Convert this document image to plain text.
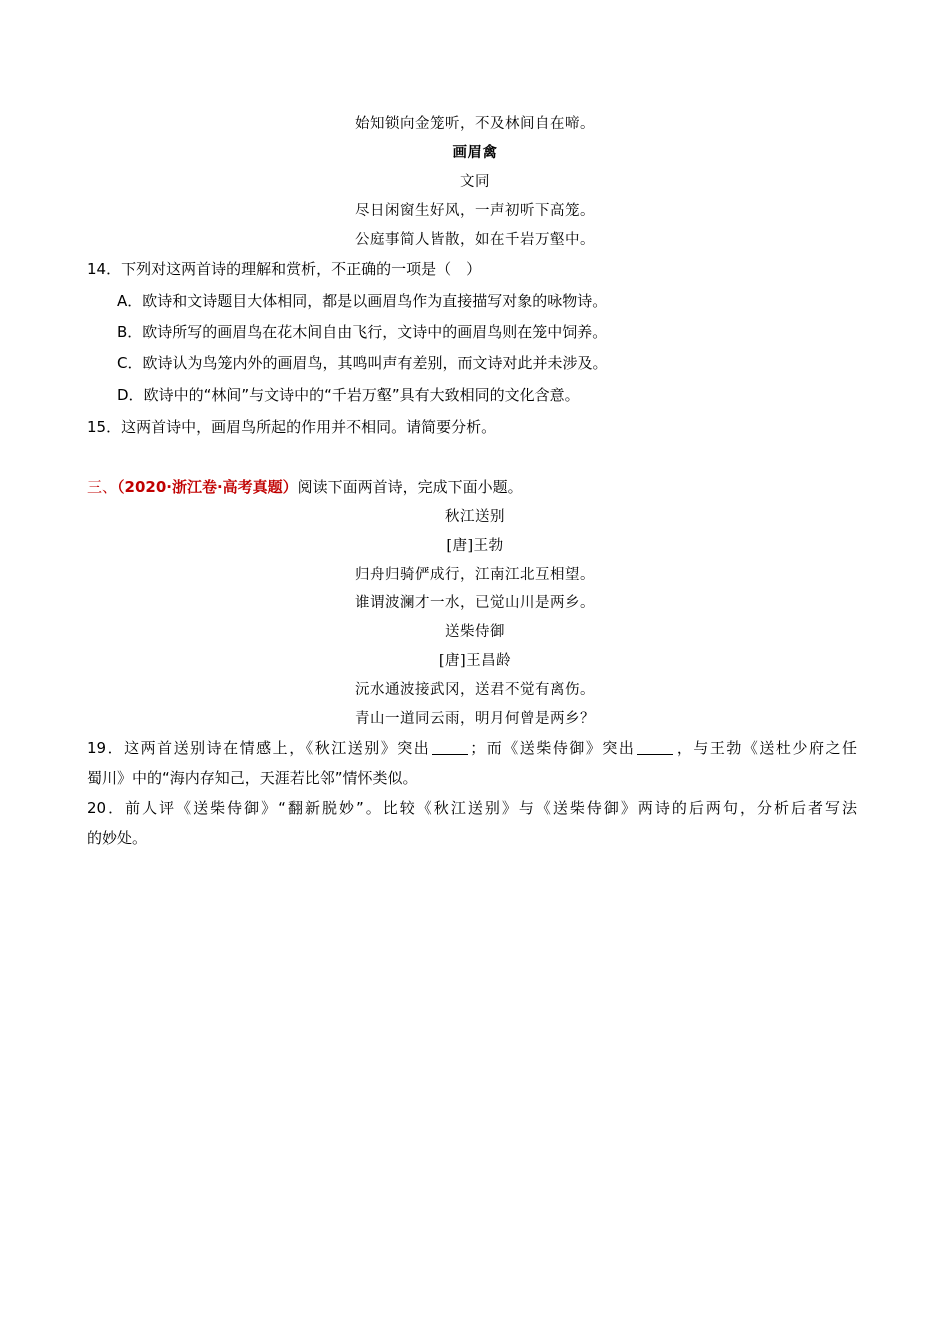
始知锁向金笼听，不及林间自在啼。
画眉禽
文同
尽日闲窗生好风，一声初听下高笼。
公庭事简人皆散，如在千岩万壑中。
14．下列对这两首诗的理解和赏析，不正确的一项是（　）
A．欧诗和文诗题目大体相同，都是以画眉鸟作为直接描写对象的咏物诗。
B．欧诗所写的画眉鸟在花木间自由飞行，文诗中的画眉鸟则在笼中饲养。
C．欧诗认为鸟笼内外的画眉鸟，其鸣叫声有差别，而文诗对此并未涉及。
D．欧诗中的“林间”与文诗中的“千岩万壑”具有大致相同的文化含意。
15．这两首诗中，画眉鸟所起的作用并不相同。请简要分析。
三、（2020·浙江卷·高考真题）阅读下面两首诗，完成下面小题。
秋江送别
[唐]王勃
归舟归骑俨成行，江南江北互相望。
谁谓波澜才一水，已觉山川是两乡。
送柴侍御
[唐]王昌龄
沅水通波接武冈，送君不觉有离伤。
青山一道同云雨，明月何曾是两乡？
19．这两首送别诗在情感上，《秋江送别》突出	；而《送柴侍御》突出	，与王勃《送杜少府之任
蜀川》中的“海内存知己，天涯若比邻”情怀类似。
20．前人评《送柴侍御》“翻新脱妙”。比较《秋江送别》与《送柴侍御》两诗的后两句，分析后者写法
的妙处。
